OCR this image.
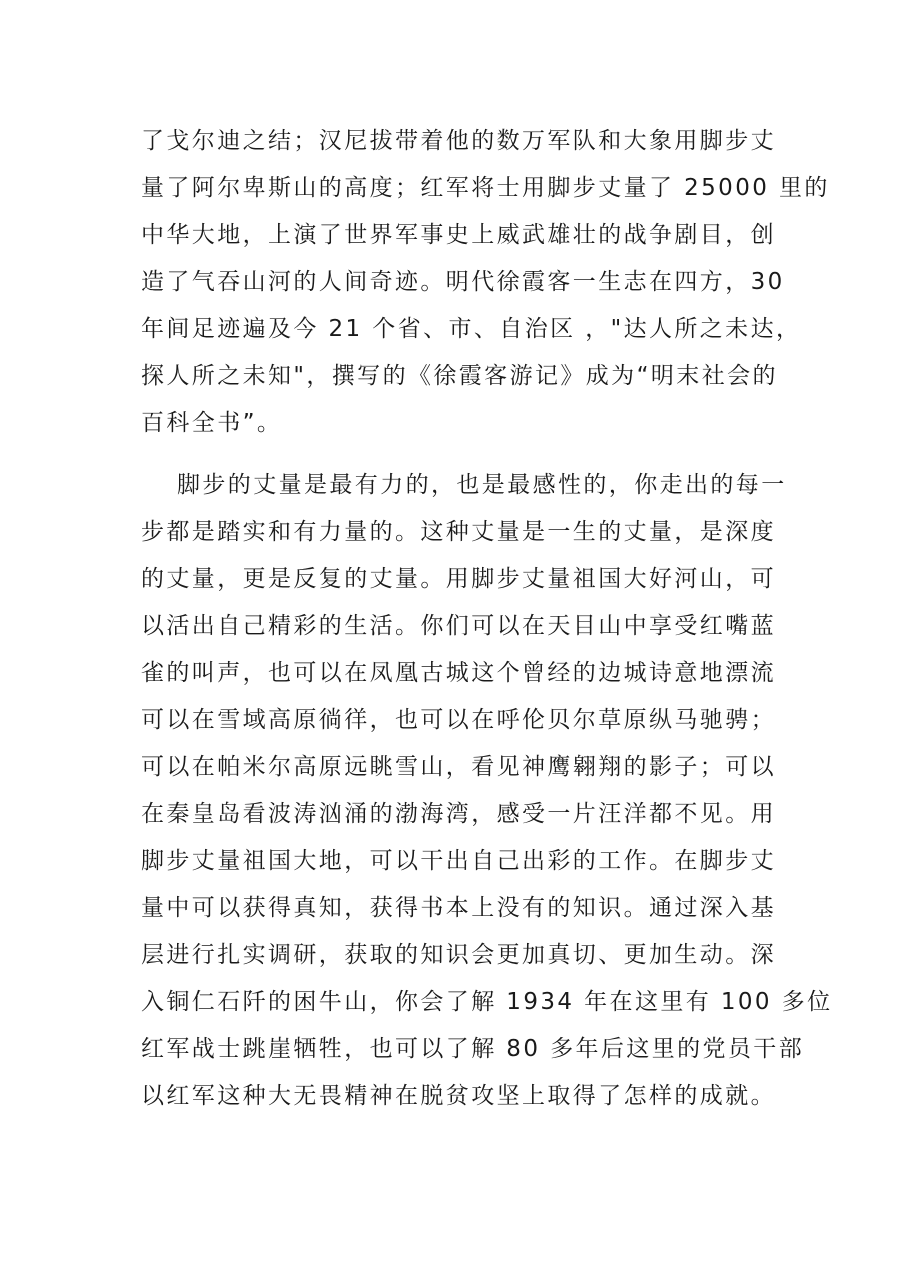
了戈尔迪之结；汉尼拔带着他的数万军队和大象用脚步丈
量了阿尔卑斯山的高度；红军将士用脚步丈量了 25000 里的
中华大地，上演了世界军事史上威武雄壮的战争剧目，创
造了气吞山河的人间奇迹。明代徐霞客一生志在四方，30
年间足迹遍及今 21 个省、市、自治区 ，"达人所之未达，
探人所之未知"，撰写的《徐霞客游记》成为“明末社会的
百科全书”。

脚步的丈量是最有力的，也是最感性的，你走出的每一
步都是踏实和有力量的。这种丈量是一生的丈量，是深度
的丈量，更是反复的丈量。用脚步丈量祖国大好河山，可
以活出自己精彩的生活。你们可以在天目山中享受红嘴蓝
雀的叫声，也可以在凤凰古城这个曾经的边城诗意地漂流
可以在雪域高原徜徉，也可以在呼伦贝尔草原纵马驰骋；
可以在帕米尔高原远眺雪山，看见神鹰翱翔的影子；可以
在秦皇岛看波涛汹涌的渤海湾，感受一片汪洋都不见。用
脚步丈量祖国大地，可以干出自己出彩的工作。在脚步丈
量中可以获得真知，获得书本上没有的知识。通过深入基
层进行扎实调研，获取的知识会更加真切、更加生动。深
入铜仁石阡的困牛山，你会了解 1934 年在这里有 100 多位
红军战士跳崖牺牲，也可以了解 80 多年后这里的党员干部
以红军这种大无畏精神在脱贫攻坚上取得了怎样的成就。
